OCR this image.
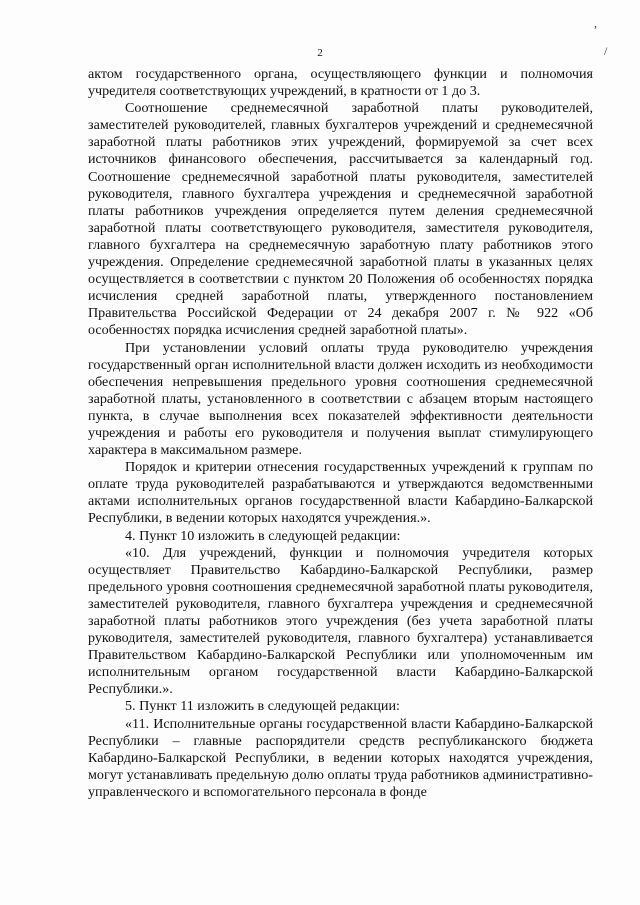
,
/
2

актом государственного органа, осуществляющего функции и полномочия учредителя соответствующих учреждений, в кратности от 1 до 3.

Соотношение среднемесячной заработной платы руководителей, заместителей руководителей, главных бухгалтеров учреждений и среднемесячной заработной платы работников этих учреждений, формируемой за счет всех источников финансового обеспечения, рассчитывается за календарный год. Соотношение среднемесячной заработной платы руководителя, заместителей руководителя, главного бухгалтера учреждения и среднемесячной заработной платы работников учреждения определяется путем деления среднемесячной заработной платы соответствующего руководителя, заместителя руководителя, главного бухгалтера на среднемесячную заработную плату работников этого учреждения. Определение среднемесячной заработной платы в указанных целях осуществляется в соответствии с пунктом 20 Положения об особенностях порядка исчисления средней заработной платы, утвержденного постановлением Правительства Российской Федерации от 24 декабря 2007 г. № 922 «Об особенностях порядка исчисления средней заработной платы».

При установлении условий оплаты труда руководителю учреждения государственный орган исполнительной власти должен исходить из необходимости обеспечения непревышения предельного уровня соотношения среднемесячной заработной платы, установленного в соответствии с абзацем вторым настоящего пункта, в случае выполнения всех показателей эффективности деятельности учреждения и работы его руководителя и получения выплат стимулирующего характера в максимальном размере.

Порядок и критерии отнесения государственных учреждений к группам по оплате труда руководителей разрабатываются и утверждаются ведомственными актами исполнительных органов государственной власти Кабардино-Балкарской Республики, в ведении которых находятся учреждения.».

4. Пункт 10 изложить в следующей редакции:

«10. Для учреждений, функции и полномочия учредителя которых осуществляет Правительство Кабардино-Балкарской Республики, размер предельного уровня соотношения среднемесячной заработной платы руководителя, заместителей руководителя, главного бухгалтера учреждения и среднемесячной заработной платы работников этого учреждения (без учета заработной платы руководителя, заместителей руководителя, главного бухгалтера) устанавливается Правительством Кабардино-Балкарской Республики или уполномоченным им исполнительным органом государственной власти Кабардино-Балкарской Республики.».

5. Пункт 11 изложить в следующей редакции:

«11. Исполнительные органы государственной власти Кабардино-Балкарской Республики – главные распорядители средств республиканского бюджета Кабардино-Балкарской Республики, в ведении которых находятся учреждения, могут устанавливать предельную долю оплаты труда работников административно-управленческого и вспомогательного персонала в фонде
